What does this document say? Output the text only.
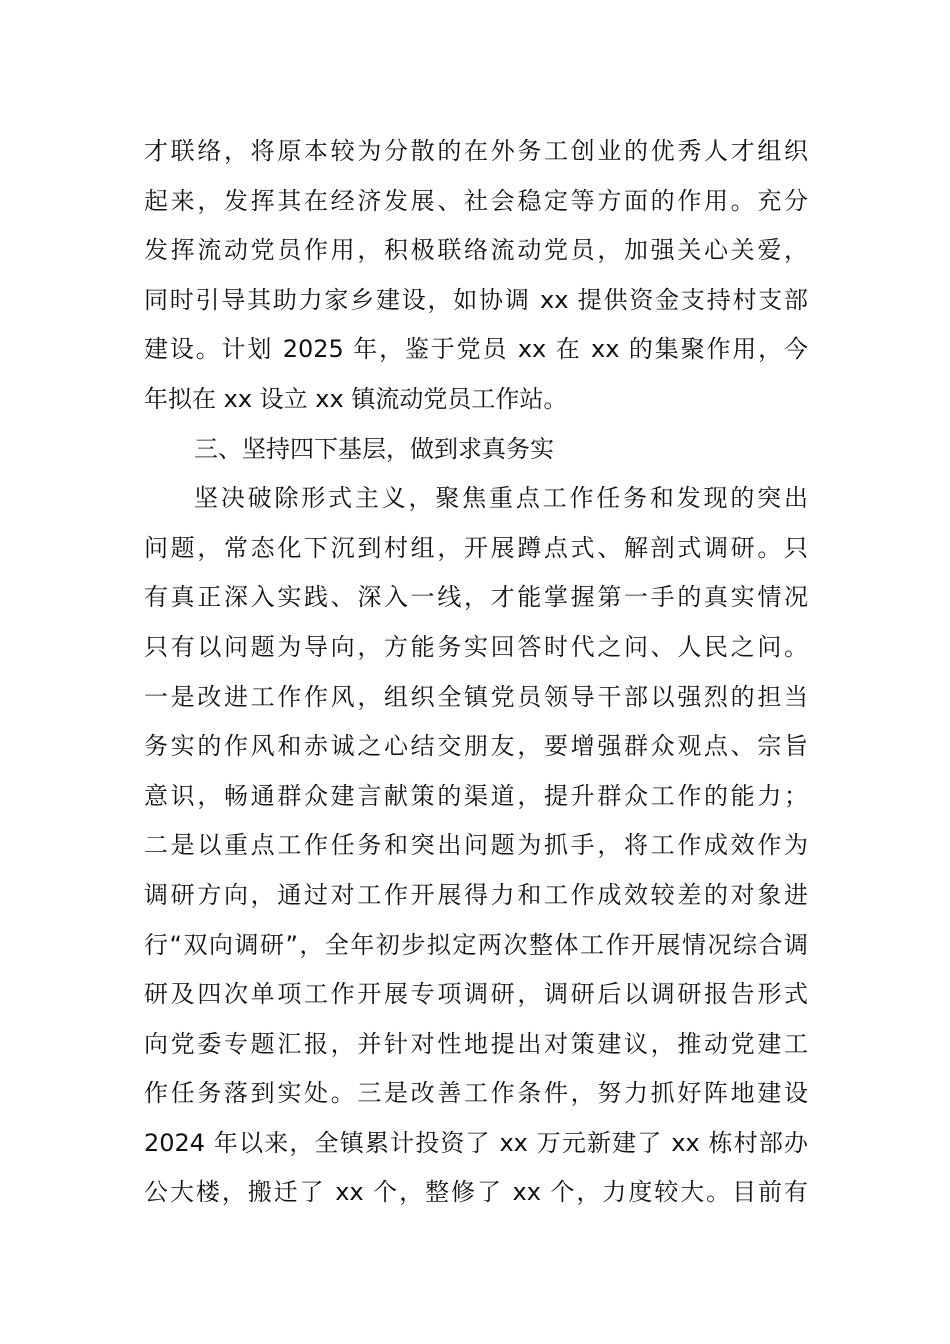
才联络，将原本较为分散的在外务工创业的优秀人才组织
起来，发挥其在经济发展、社会稳定等方面的作用。充分
发挥流动党员作用，积极联络流动党员，加强关心关爱，
同时引导其助力家乡建设，如协调 xx 提供资金支持村支部
建设。计划 2025 年，鉴于党员 xx 在 xx 的集聚作用，今
年拟在 xx 设立 xx 镇流动党员工作站。
三、坚持四下基层，做到求真务实
坚决破除形式主义，聚焦重点工作任务和发现的突出
问题，常态化下沉到村组，开展蹲点式、解剖式调研。只
有真正深入实践、深入一线，才能掌握第一手的真实情况
只有以问题为导向，方能务实回答时代之问、人民之问。
一是改进工作作风，组织全镇党员领导干部以强烈的担当
务实的作风和赤诚之心结交朋友，要增强群众观点、宗旨
意识，畅通群众建言献策的渠道，提升群众工作的能力；
二是以重点工作任务和突出问题为抓手，将工作成效作为
调研方向，通过对工作开展得力和工作成效较差的对象进
行“双向调研”，全年初步拟定两次整体工作开展情况综合调
研及四次单项工作开展专项调研，调研后以调研报告形式
向党委专题汇报，并针对性地提出对策建议，推动党建工
作任务落到实处。三是改善工作条件，努力抓好阵地建设
2024 年以来，全镇累计投资了 xx 万元新建了 xx 栋村部办
公大楼，搬迁了 xx 个，整修了 xx 个，力度较大。目前有
